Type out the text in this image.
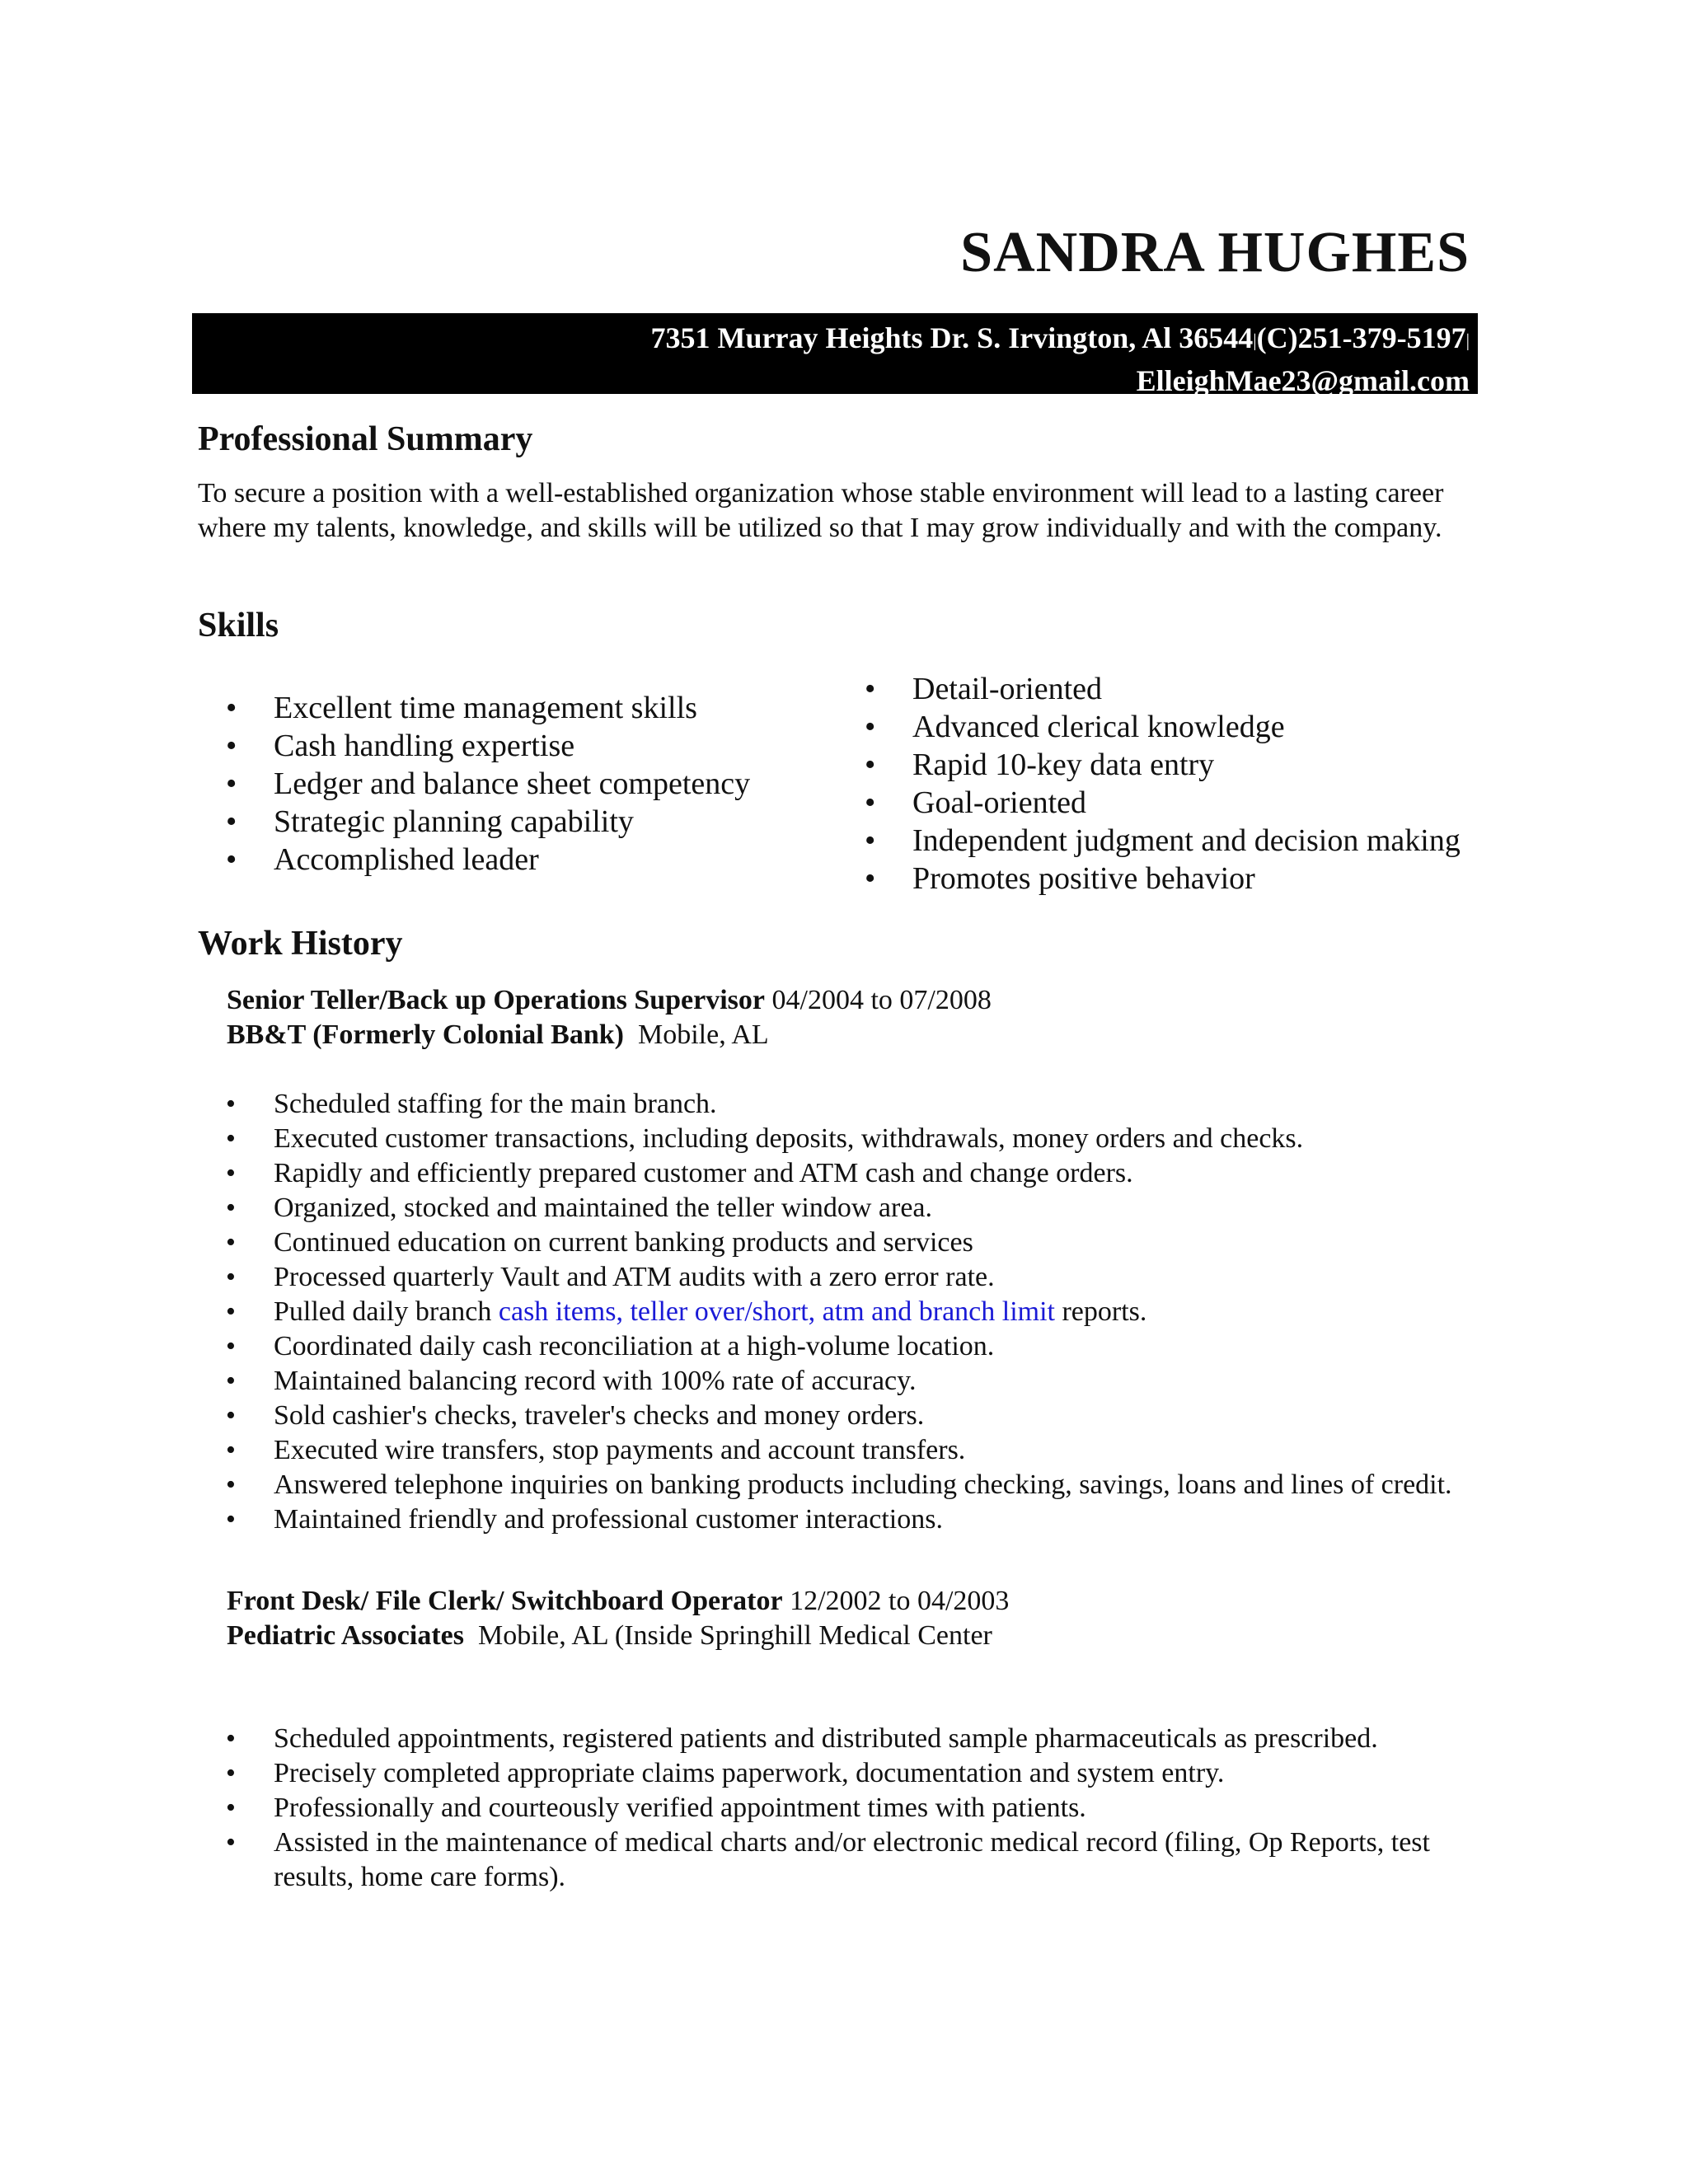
SANDRA HUGHES
7351 Murray Heights Dr. S. Irvington, Al 36544|(C)251-379-5197|
ElleighMae23@gmail.com
Professional Summary

To secure a position with a well-established organization whose stable environment will lead to a lasting career where my talents, knowledge, and skills will be utilized so that I may grow individually and with the company.

Skills
• Excellent time management skills
• Cash handling expertise
• Ledger and balance sheet competency
• Strategic planning capability
• Accomplished leader
• Detail-oriented
• Advanced clerical knowledge
• Rapid 10-key data entry
• Goal-oriented
• Independent judgment and decision making
• Promotes positive behavior
Work History

Senior Teller/Back up Operations Supervisor 04/2004 to 07/2008

BB&T (Formerly Colonial Bank) Mobile, AL

• Scheduled staffing for the main branch.
• Executed customer transactions, including deposits, withdrawals, money orders and checks.
• Rapidly and efficiently prepared customer and ATM cash and change orders.
• Organized, stocked and maintained the teller window area.
• Continued education on current banking products and services
• Processed quarterly Vault and ATM audits with a zero error rate.
• Pulled daily branch cash items, teller over/short, atm and branch limit reports.
• Coordinated daily cash reconciliation at a high-volume location.
• Maintained balancing record with 100% rate of accuracy.
• Sold cashier's checks, traveler's checks and money orders.
• Executed wire transfers, stop payments and account transfers.
• Answered telephone inquiries on banking products including checking, savings, loans and lines of credit.
• Maintained friendly and professional customer interactions.

Front Desk/ File Clerk/ Switchboard Operator 12/2002 to 04/2003

Pediatric Associates Mobile, AL (Inside Springhill Medical Center

• Scheduled appointments, registered patients and distributed sample pharmaceuticals as prescribed.
• Precisely completed appropriate claims paperwork, documentation and system entry.
• Professionally and courteously verified appointment times with patients.
• Assisted in the maintenance of medical charts and/or electronic medical record (filing, Op Reports, test results, home care forms).
